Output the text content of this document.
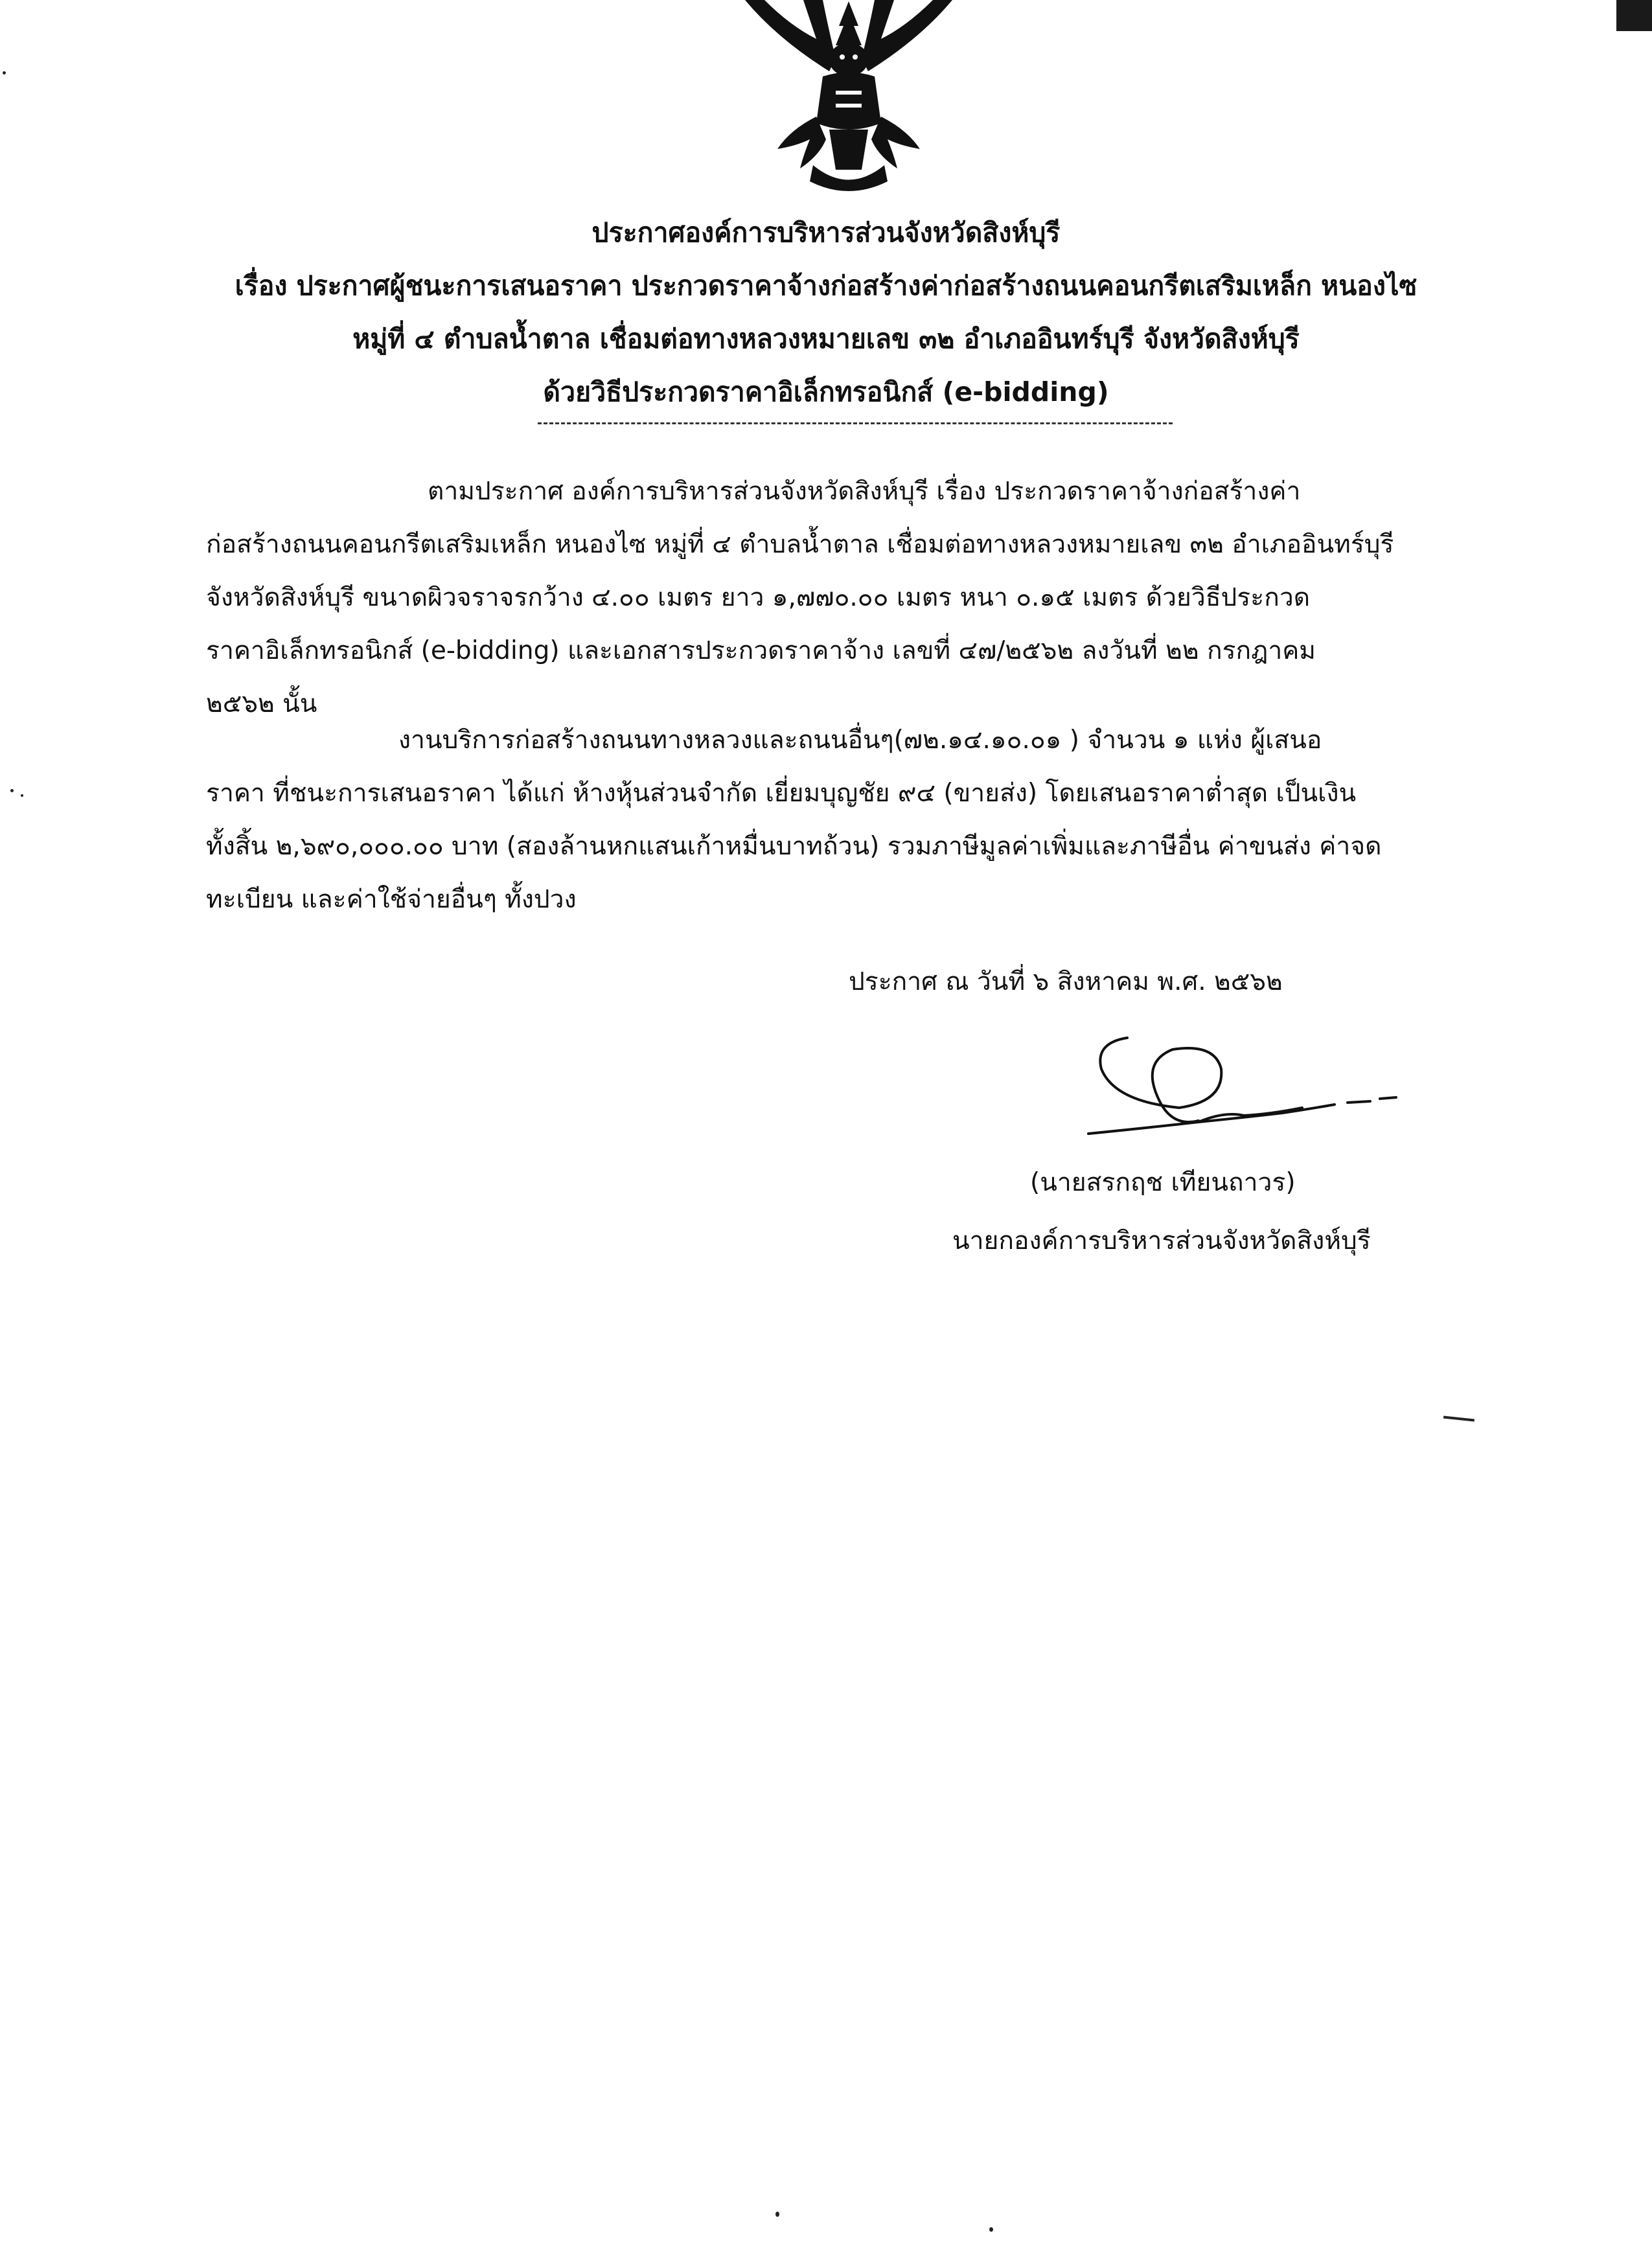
ประกาศองค์การบริหารส่วนจังหวัดสิงห์บุรี
เรื่อง ประกาศผู้ชนะการเสนอราคา ประกวดราคาจ้างก่อสร้างค่าก่อสร้างถนนคอนกรีตเสริมเหล็ก หนองไซ
หมู่ที่ ๔ ตำบลน้ำตาล เชื่อมต่อทางหลวงหมายเลข ๓๒ อำเภออินทร์บุรี จังหวัดสิงห์บุรี
ด้วยวิธีประกวดราคาอิเล็กทรอนิกส์ (e-bidding)
ตามประกาศ องค์การบริหารส่วนจังหวัดสิงห์บุรี เรื่อง ประกวดราคาจ้างก่อสร้างค่า
ก่อสร้างถนนคอนกรีตเสริมเหล็ก หนองไซ หมู่ที่ ๔ ตำบลน้ำตาล เชื่อมต่อทางหลวงหมายเลข ๓๒ อำเภออินทร์บุรี
จังหวัดสิงห์บุรี ขนาดผิวจราจรกว้าง ๔.๐๐ เมตร ยาว ๑,๗๗๐.๐๐ เมตร หนา ๐.๑๕ เมตร ด้วยวิธีประกวด
ราคาอิเล็กทรอนิกส์ (e-bidding) และเอกสารประกวดราคาจ้าง เลขที่ ๔๗/๒๕๖๒ ลงวันที่ ๒๒ กรกฎาคม
๒๕๖๒ นั้น
งานบริการก่อสร้างถนนทางหลวงและถนนอื่นๆ(๗๒.๑๔.๑๐.๐๑ ) จำนวน ๑ แห่ง ผู้เสนอ
ราคา ที่ชนะการเสนอราคา ได้แก่ ห้างหุ้นส่วนจำกัด เยี่ยมบุญชัย ๙๔ (ขายส่ง) โดยเสนอราคาต่ำสุด เป็นเงิน
ทั้งสิ้น ๒,๖๙๐,๐๐๐.๐๐ บาท (สองล้านหกแสนเก้าหมื่นบาทถ้วน) รวมภาษีมูลค่าเพิ่มและภาษีอื่น ค่าขนส่ง ค่าจด
ทะเบียน และค่าใช้จ่ายอื่นๆ ทั้งปวง
ประกาศ ณ วันที่ ๖ สิงหาคม พ.ศ. ๒๕๖๒
(นายสรกฤช เทียนถาวร)
นายกองค์การบริหารส่วนจังหวัดสิงห์บุรี
